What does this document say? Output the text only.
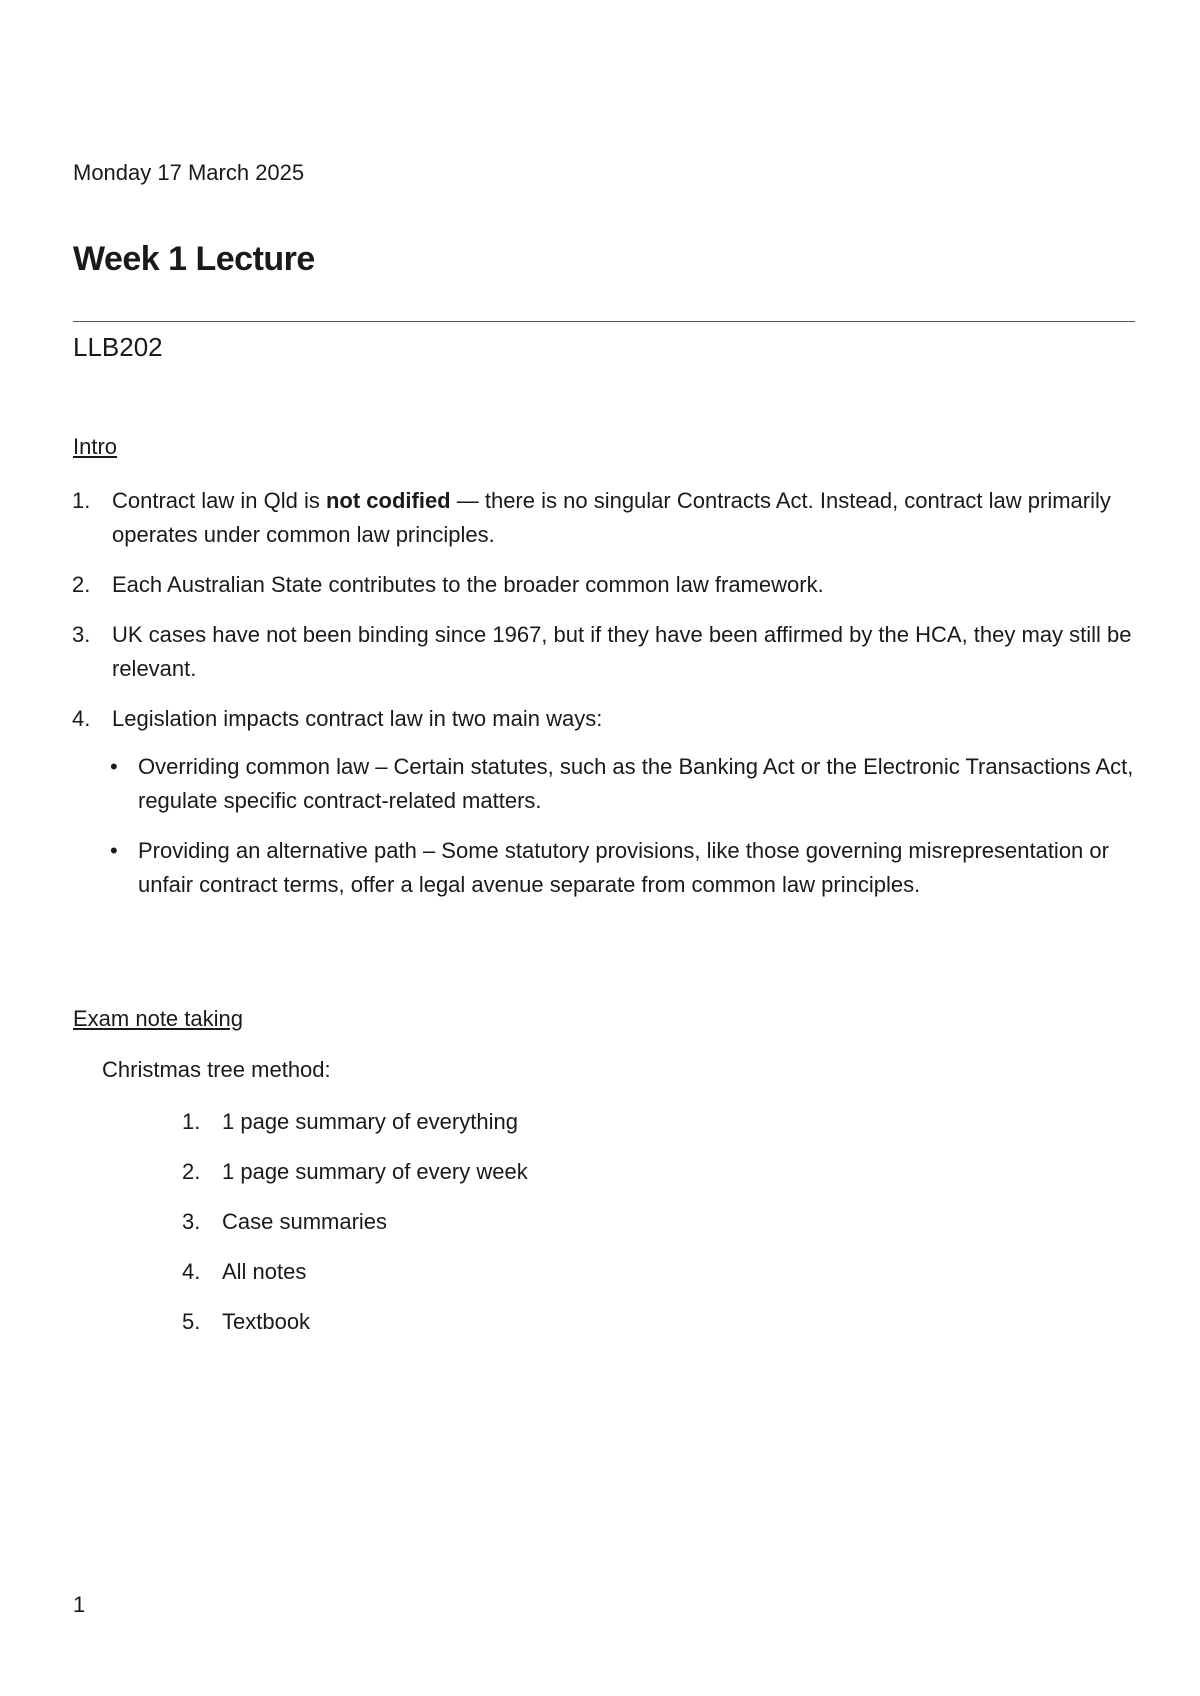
Monday 17 March 2025
Week 1 Lecture
LLB202
Intro
1. Contract law in Qld is not codified — there is no singular Contracts Act. Instead, contract law primarily operates under common law principles.
2. Each Australian State contributes to the broader common law framework.
3. UK cases have not been binding since 1967, but if they have been affirmed by the HCA, they may still be relevant.
4. Legislation impacts contract law in two main ways:
• Overriding common law – Certain statutes, such as the Banking Act or the Electronic Transactions Act, regulate specific contract-related matters.
• Providing an alternative path – Some statutory provisions, like those governing misrepresentation or unfair contract terms, offer a legal avenue separate from common law principles.
Exam note taking
Christmas tree method:
1. 1 page summary of everything
2. 1 page summary of every week
3. Case summaries
4. All notes
5. Textbook
1
